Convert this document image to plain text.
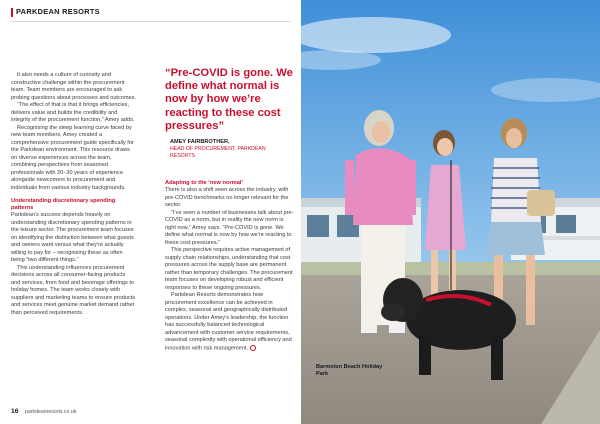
PARKDEAN RESORTS

It also needs a culture of curiosity and constructive challenge within the procurement team. Team members are encouraged to ask probing questions about processes and outcomes.

“The effect of that is that it brings efficiencies, delivers value and builds the credibility and integrity of the procurement function,” Amey adds.

Recognising the steep learning curve faced by new team members, Amey created a comprehensive procurement guide specifically for the Parkdean environment. This resource draws on diverse experiences across the team, combining perspectives from seasoned professionals with 20–30 years of experience alongside newcomers to procurement and individuals from various industry backgrounds.

Understanding discretionary spending patterns

Parkdean’s success depends heavily on understanding discretionary spending patterns in the leisure sector. The procurement team focuses on identifying the distinction between what guests and owners want versus what they’re actually willing to pay for – recognising these as often being “two different things.”

This understanding influences procurement decisions across all consumer-facing products and services, from food and beverage offerings to holiday homes. The team works closely with suppliers and marketing teams to ensure products and services meet genuine market demand rather than perceived requirements.

“Pre-COVID is gone. We define what normal is now by how we’re reacting to these cost pressures”
AMEY FAIRBROTHER,
HEAD OF PROCUREMENT, PARKDEAN RESORTS
Adapting to the ‘new normal’

There is also a shift seen across the industry, with pre-COVID benchmarks no longer relevant for the sector.

“I’ve seen a number of businesses talk about pre-COVID as a norm, but in reality the new norm is right now,” Amey says. “Pre-COVID is gone. We define what normal is now by how we’re reacting to these cost pressures.”

This perspective requires active management of supply chain relationships, understanding that cost pressures across the supply base are permanent rather than temporary challenges. The procurement team focuses on developing robust and efficient responses to these ongoing pressures.

Parkdean Resorts demonstrates how procurement excellence can be achieved in complex, seasonal and geographically distributed operations. Under Amey’s leadership, the function has successfully balanced technological advancement with customer service requirements, seasonal complexity with operational efficiency and innovation with risk management.

16 parkdeanresorts.co.uk
Barmston Beach Holiday Park
